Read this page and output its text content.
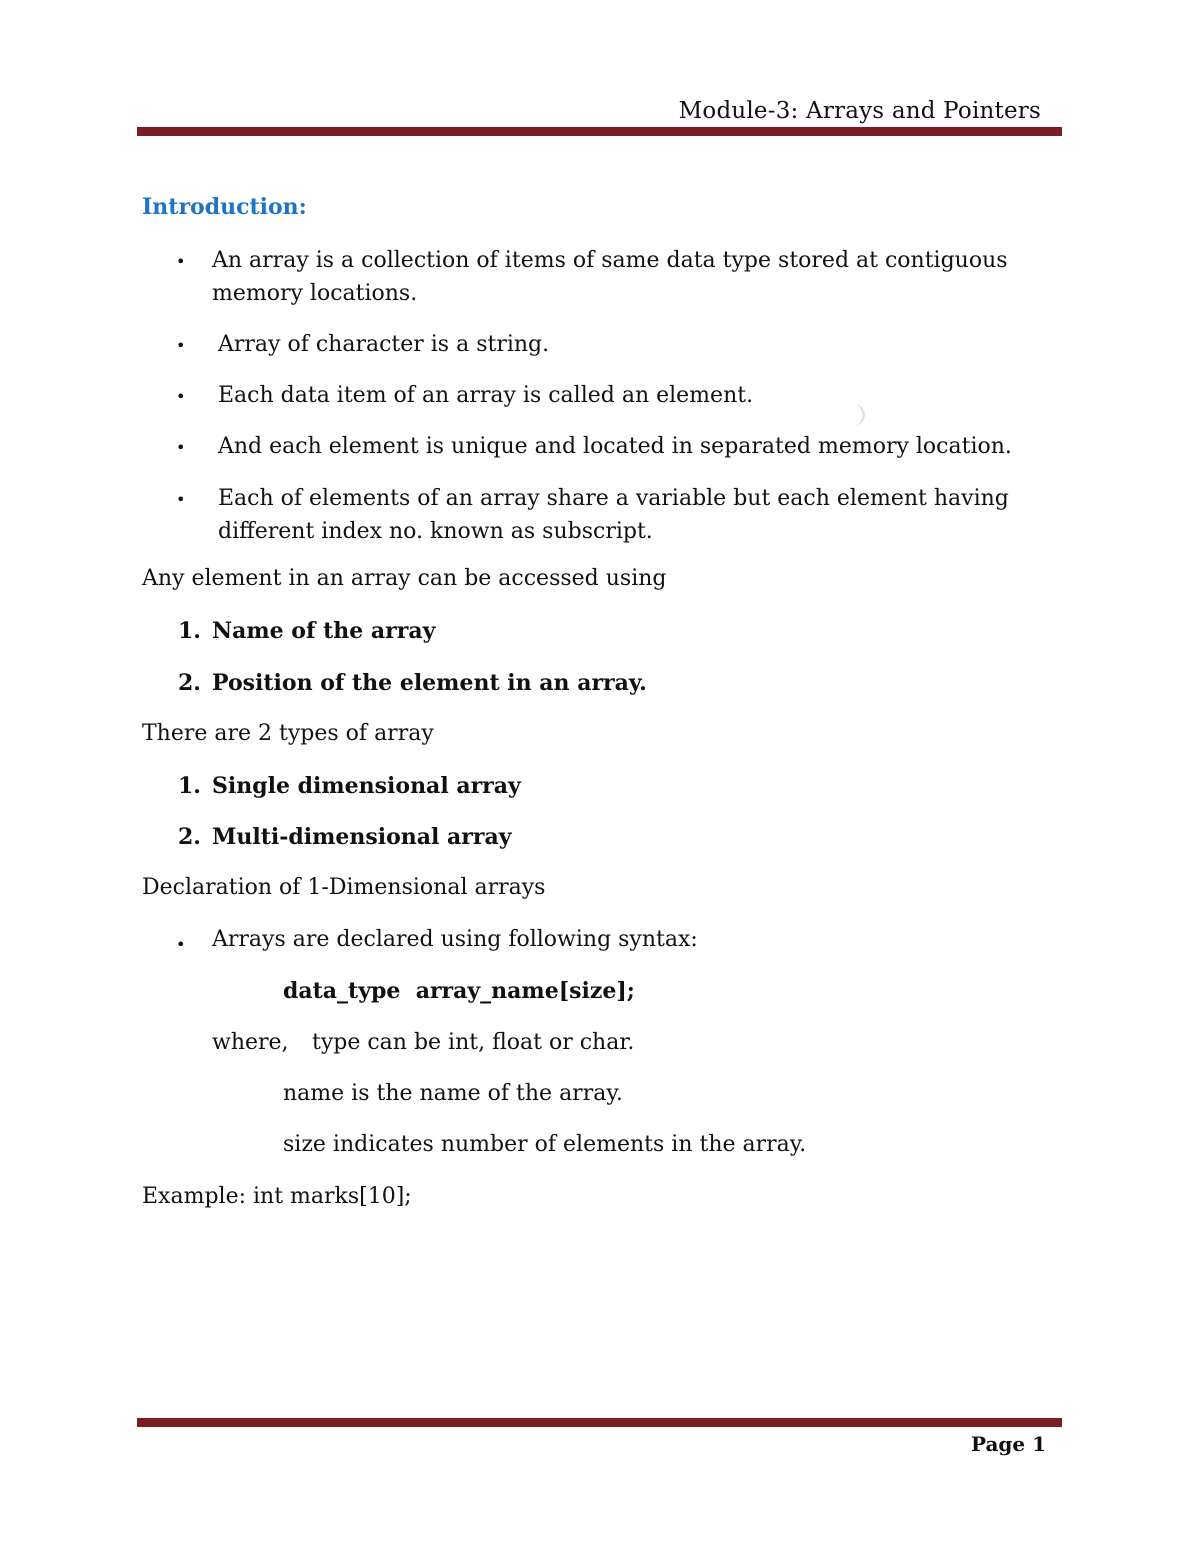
Module-3: Arrays and Pointers
Introduction:
• An array is a collection of items of same data type stored at contiguous memory locations.
• Array of character is a string.
• Each data item of an array is called an element.
• And each element is unique and located in separated memory location.
• Each of elements of an array share a variable but each element having different index no. known as subscript.
Any element in an array can be accessed using
1. Name of the array
2. Position of the element in an array.
There are 2 types of array
1. Single dimensional array
2. Multi-dimensional array
Declaration of 1-Dimensional arrays
• Arrays are declared using following syntax:
data_type  array_name[size];
where, type can be int, float or char.
name is the name of the array.
size indicates number of elements in the array.
Example: int marks[10];
Page 1
